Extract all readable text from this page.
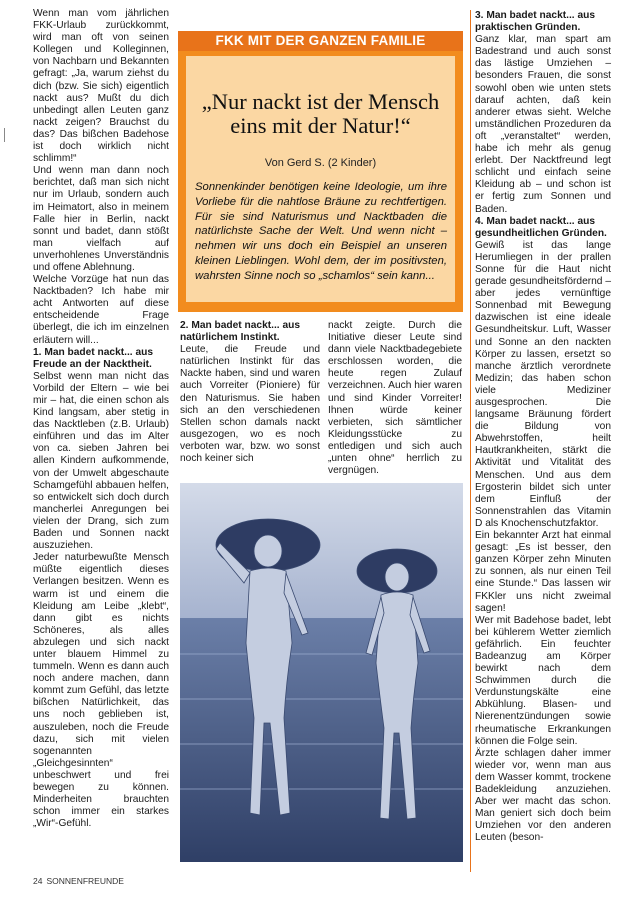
Wenn man vom jährlichen FKK-Urlaub zurückkommt, wird man oft von seinen Kollegen und Kolleginnen, von Nachbarn und Bekannten gefragt: „Ja, warum ziehst du dich (bzw. Sie sich) eigentlich nackt aus? Mußt du dich unbedingt allen Leuten ganz nackt zeigen? Brauchst du das? Das bißchen Badehose ist doch wirklich nicht schlimm!“

Und wenn man dann noch berichtet, daß man sich nicht nur im Urlaub, sondern auch im Heimatort, also in meinem Falle hier in Berlin, nackt sonnt und badet, dann stößt man vielfach auf unverhohlenes Unverständnis und offene Ablehnung.

Welche Vorzüge hat nun das Nacktbaden? Ich habe mir acht Antworten auf diese entscheidende Frage überlegt, die ich im einzelnen erläutern will...

1. Man badet nackt... aus Freude an der Nacktheit.

Selbst wenn man nicht das Vorbild der Eltern – wie bei mir – hat, die einen schon als Kind langsam, aber stetig in das Nacktleben (z.B. Urlaub) einführen und das im Alter von ca. sieben Jahren bei allen Kindern aufkommende, von der Umwelt abgeschaute Schamgefühl abbauen helfen, so entwickelt sich doch durch mancherlei Anregungen bei vielen der Drang, sich zum Baden und Sonnen nackt auszuziehen.

Jeder naturbewußte Mensch müßte eigentlich dieses Verlangen besitzen. Wenn es warm ist und einem die Kleidung am Leibe „klebt“, dann gibt es nichts Schöneres, als alles abzulegen und sich nackt unter blauem Himmel zu tummeln. Wenn es dann auch noch andere machen, dann kommt zum Gefühl, das letzte bißchen Natürlichkeit, das uns noch geblieben ist, auszuleben, noch die Freude dazu, sich mit vielen sogenannten „Gleichgesinnten“ unbeschwert und frei bewegen zu können. Minderheiten brauchten schon immer ein starkes „Wir“-Gefühl.

FKK MIT DER GANZEN FAMILIE
„Nur nackt ist der Mensch
eins mit der Natur!“
Von Gerd S. (2 Kinder)
Sonnenkinder benötigen keine Ideologie, um ihre Vorliebe für die nahtlose Bräune zu rechtfertigen. Für sie sind Naturismus und Nacktbaden die natürlichste Sache der Welt. Und wenn nicht – nehmen wir uns doch ein Beispiel an unseren kleinen Lieblingen. Wohl dem, der im positivsten, wahrsten Sinne noch so „schamlos“ sein kann...
2. Man badet nackt... aus natürlichem Instinkt.

Leute, die Freude und natürlichen Instinkt für das Nackte haben, sind und waren auch Vorreiter (Pioniere) für den Naturismus. Sie haben sich an den verschiedenen Stellen schon damals nackt ausgezogen, wo es noch verboten war, bzw. wo sonst noch keiner sich

nackt zeigte. Durch die Initiative dieser Leute sind dann viele Nacktbadegebiete erschlossen worden, die heute regen Zulauf verzeichnen. Auch hier waren und sind Kinder Vorreiter! Ihnen würde keiner verbieten, sich sämtlicher Kleidungsstücke zu entledigen und sich auch „unten ohne“ herrlich zu vergnügen.

3. Man badet nackt... aus praktischen Gründen.

Ganz klar, man spart am Badestrand und auch sonst das lästige Umziehen – besonders Frauen, die sonst sowohl oben wie unten stets darauf achten, daß kein anderer etwas sieht. Welche umständlichen Prozeduren da oft „veranstaltet“ werden, habe ich mehr als genug erlebt. Der Nacktfreund legt schlicht und einfach seine Kleidung ab – und schon ist er fertig zum Sonnen und Baden.

4. Man badet nackt... aus gesundheitlichen Gründen.

Gewiß ist das lange Herumliegen in der prallen Sonne für die Haut nicht gerade gesundheitsfördernd – aber jedes vernünftige Sonnenbad mit Bewegung dazwischen ist eine ideale Gesundheitskur. Luft, Wasser und Sonne an den nackten Körper zu lassen, ersetzt so manche ärztlich verordnete Medizin; das haben schon viele Mediziner ausgesprochen. Die langsame Bräunung fördert die Bildung von Abwehrstoffen, heilt Hautkrankheiten, stärkt die Aktivität und Vitalität des Menschen. Und aus dem Ergosterin bildet sich unter dem Einfluß der Sonnenstrahlen das Vitamin D als Knochenschutzfaktor.

Ein bekannter Arzt hat einmal gesagt: „Es ist besser, den ganzen Körper zehn Minuten zu sonnen, als nur einen Teil eine Stunde.“ Das lassen wir FKKler uns nicht zweimal sagen!

Wer mit Badehose badet, lebt bei kühlerem Wetter ziemlich gefährlich. Ein feuchter Badeanzug am Körper bewirkt nach dem Schwimmen durch die Verdunstungskälte eine Abkühlung. Blasen- und Nierenentzündungen sowie rheumatische Erkrankungen können die Folge sein.

Ärzte schlagen daher immer wieder vor, wenn man aus dem Wasser kommt, trockene Badekleidung anzuziehen. Aber wer macht das schon. Man geniert sich doch beim Umziehen vor den anderen Leuten (beson-

24 SONNENFREUNDE
